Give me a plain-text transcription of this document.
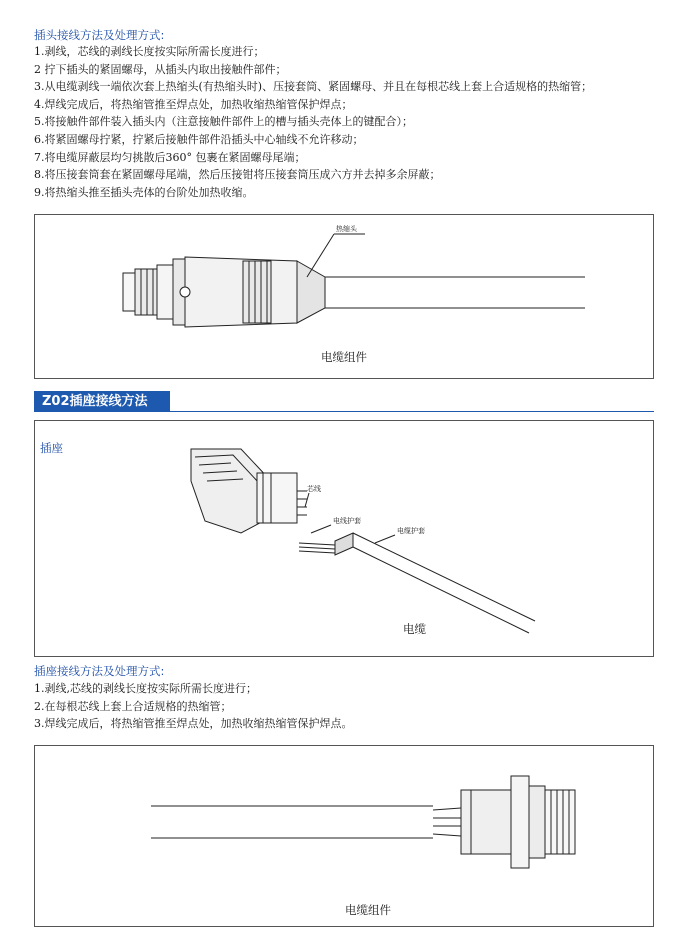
插头接线方法及处理方式:
1.剥线，芯线的剥线长度按实际所需长度进行；
2 拧下插头的紧固螺母，从插头内取出接触件部件；
3.从电缆剥线一端依次套上热缩头(有热缩头时)、压接套筒、紧固螺母、并且在每根芯线上套上合适规格的热缩管；
4.焊线完成后，将热缩管推至焊点处，加热收缩热缩管保护焊点；
5.将接触件部件装入插头内（注意接触件部件上的槽与插头壳体上的键配合）；
6.将紧固螺母拧紧，拧紧后接触件部件沿插头中心轴线不允许移动；
7.将电缆屏蔽层均匀挑散后360° 包裹在紧固螺母尾端；
8.将压接套筒套在紧固螺母尾端，然后压接钳将压接套筒压成六方并去掉多余屏蔽；
9.将热缩头推至插头壳体的台阶处加热收缩。
热缩头
电缆组件
Z02插座接线方法
芯线
电线护套
电缆护套
电缆
插座
插座接线方法及处理方式:
1.剥线,芯线的剥线长度按实际所需长度进行；
2.在每根芯线上套上合适规格的热缩管；
3.焊线完成后，将热缩管推至焊点处，加热收缩热缩管保护焊点。
电缆组件
